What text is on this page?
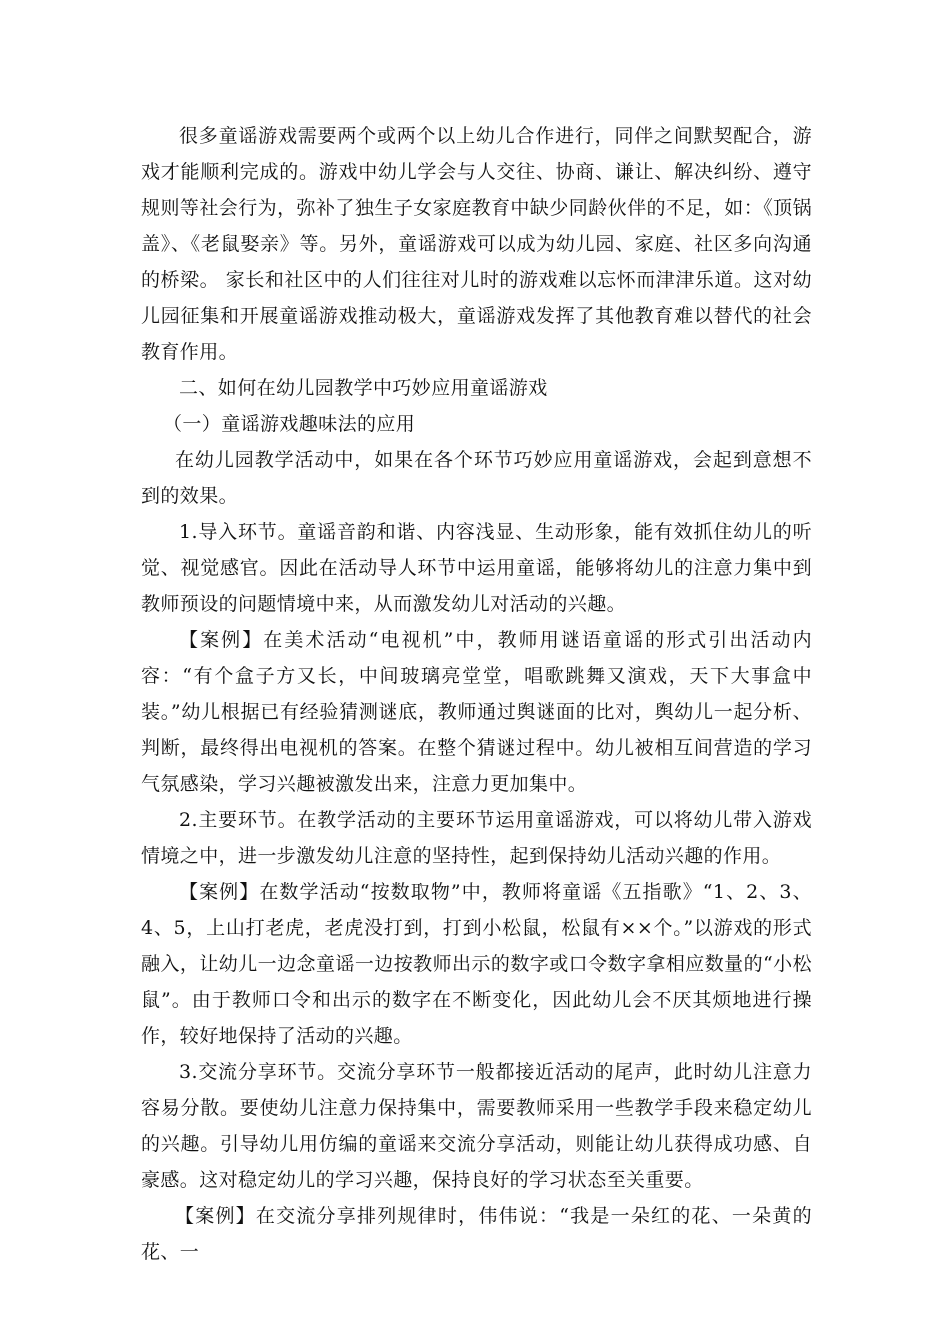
很多童谣游戏需要两个或两个以上幼儿合作进行，同伴之间默契配合，游戏才能顺利完成的。游戏中幼儿学会与人交往、协商、谦让、解决纠纷、遵守规则等社会行为，弥补了独生子女家庭教育中缺少同龄伙伴的不足，如：《顶锅盖》、《老鼠娶亲》等。另外，童谣游戏可以成为幼儿园、家庭、社区多向沟通的桥梁。 家长和社区中的人们往往对儿时的游戏难以忘怀而津津乐道。这对幼儿园征集和开展童谣游戏推动极大，童谣游戏发挥了其他教育难以替代的社会教育作用。

二、如何在幼儿园教学中巧妙应用童谣游戏

（一）童谣游戏趣味法的应用

在幼儿园教学活动中，如果在各个环节巧妙应用童谣游戏，会起到意想不到的效果。

1.导入环节。童谣音韵和谐、内容浅显、生动形象，能有效抓住幼儿的听觉、视觉感官。因此在活动导人环节中运用童谣，能够将幼儿的注意力集中到教师预设的问题情境中来，从而激发幼儿对活动的兴趣。

【案例】在美术活动“电视机”中，教师用谜语童谣的形式引出活动内容：“有个盒子方又长，中间玻璃亮堂堂，唱歌跳舞又演戏，天下大事盒中装。”幼儿根据已有经验猜测谜底，教师通过舆谜面的比对，舆幼儿一起分析、判断，最终得出电视机的答案。在整个猜谜过程中。幼儿被相互间营造的学习气氛感染，学习兴趣被激发出来，注意力更加集中。

2.主要环节。在教学活动的主要环节运用童谣游戏，可以将幼儿带入游戏情境之中，进一步激发幼儿注意的坚持性，起到保持幼儿活动兴趣的作用。

【案例】在数学活动“按数取物”中，教师将童谣《五指歌》“1、2、3、4、5，上山打老虎，老虎没打到，打到小松鼠，松鼠有××个。”以游戏的形式融入，让幼儿一边念童谣一边按教师出示的数字或口令数字拿相应数量的“小松鼠”。由于教师口令和出示的数字在不断变化，因此幼儿会不厌其烦地进行操作，较好地保持了活动的兴趣。

3.交流分享环节。交流分享环节一般都接近活动的尾声，此时幼儿注意力容易分散。要使幼儿注意力保持集中，需要教师采用一些教学手段来稳定幼儿的兴趣。引导幼儿用仿编的童谣来交流分享活动，则能让幼儿获得成功感、自豪感。这对稳定幼儿的学习兴趣，保持良好的学习状态至关重要。

【案例】在交流分享排列规律时，伟伟说：“我是一朵红的花、一朵黄的花、一
